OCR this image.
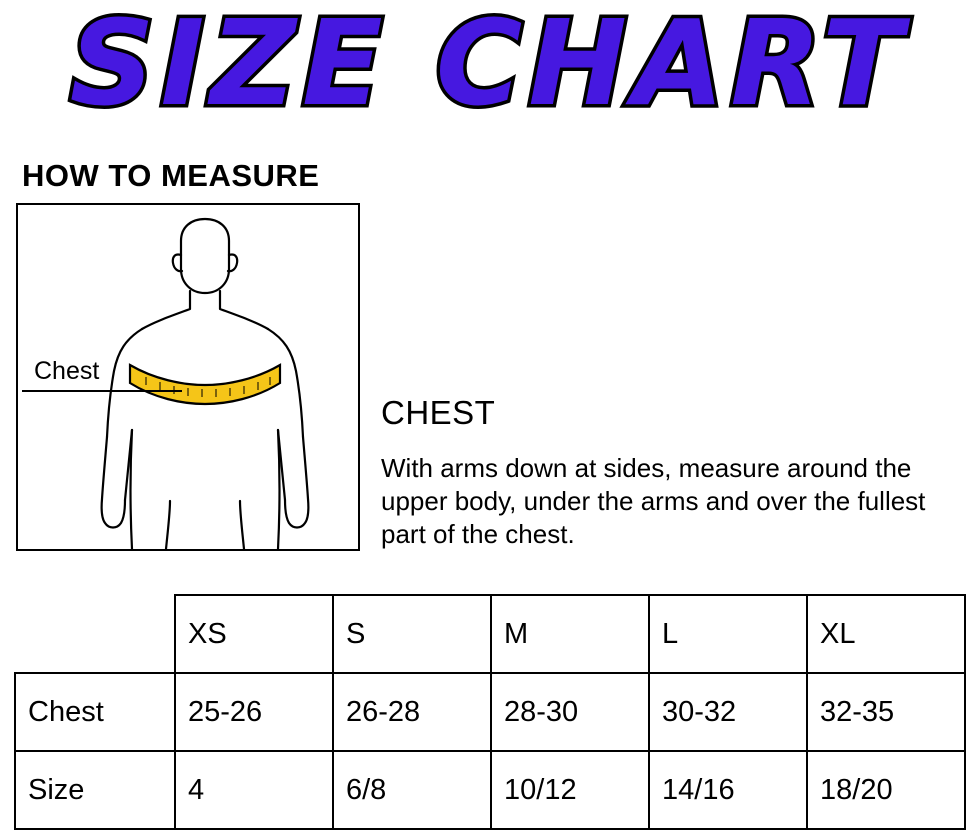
SIZE CHART
HOW TO MEASURE
Chest
CHEST
With arms down at sides, measure around the upper body, under the arms and over the fullest part of the chest.
	XS	S	M	L	XL
Chest	25-26	26-28	28-30	30-32	32-35
Size	4	6/8	10/12	14/16	18/20
